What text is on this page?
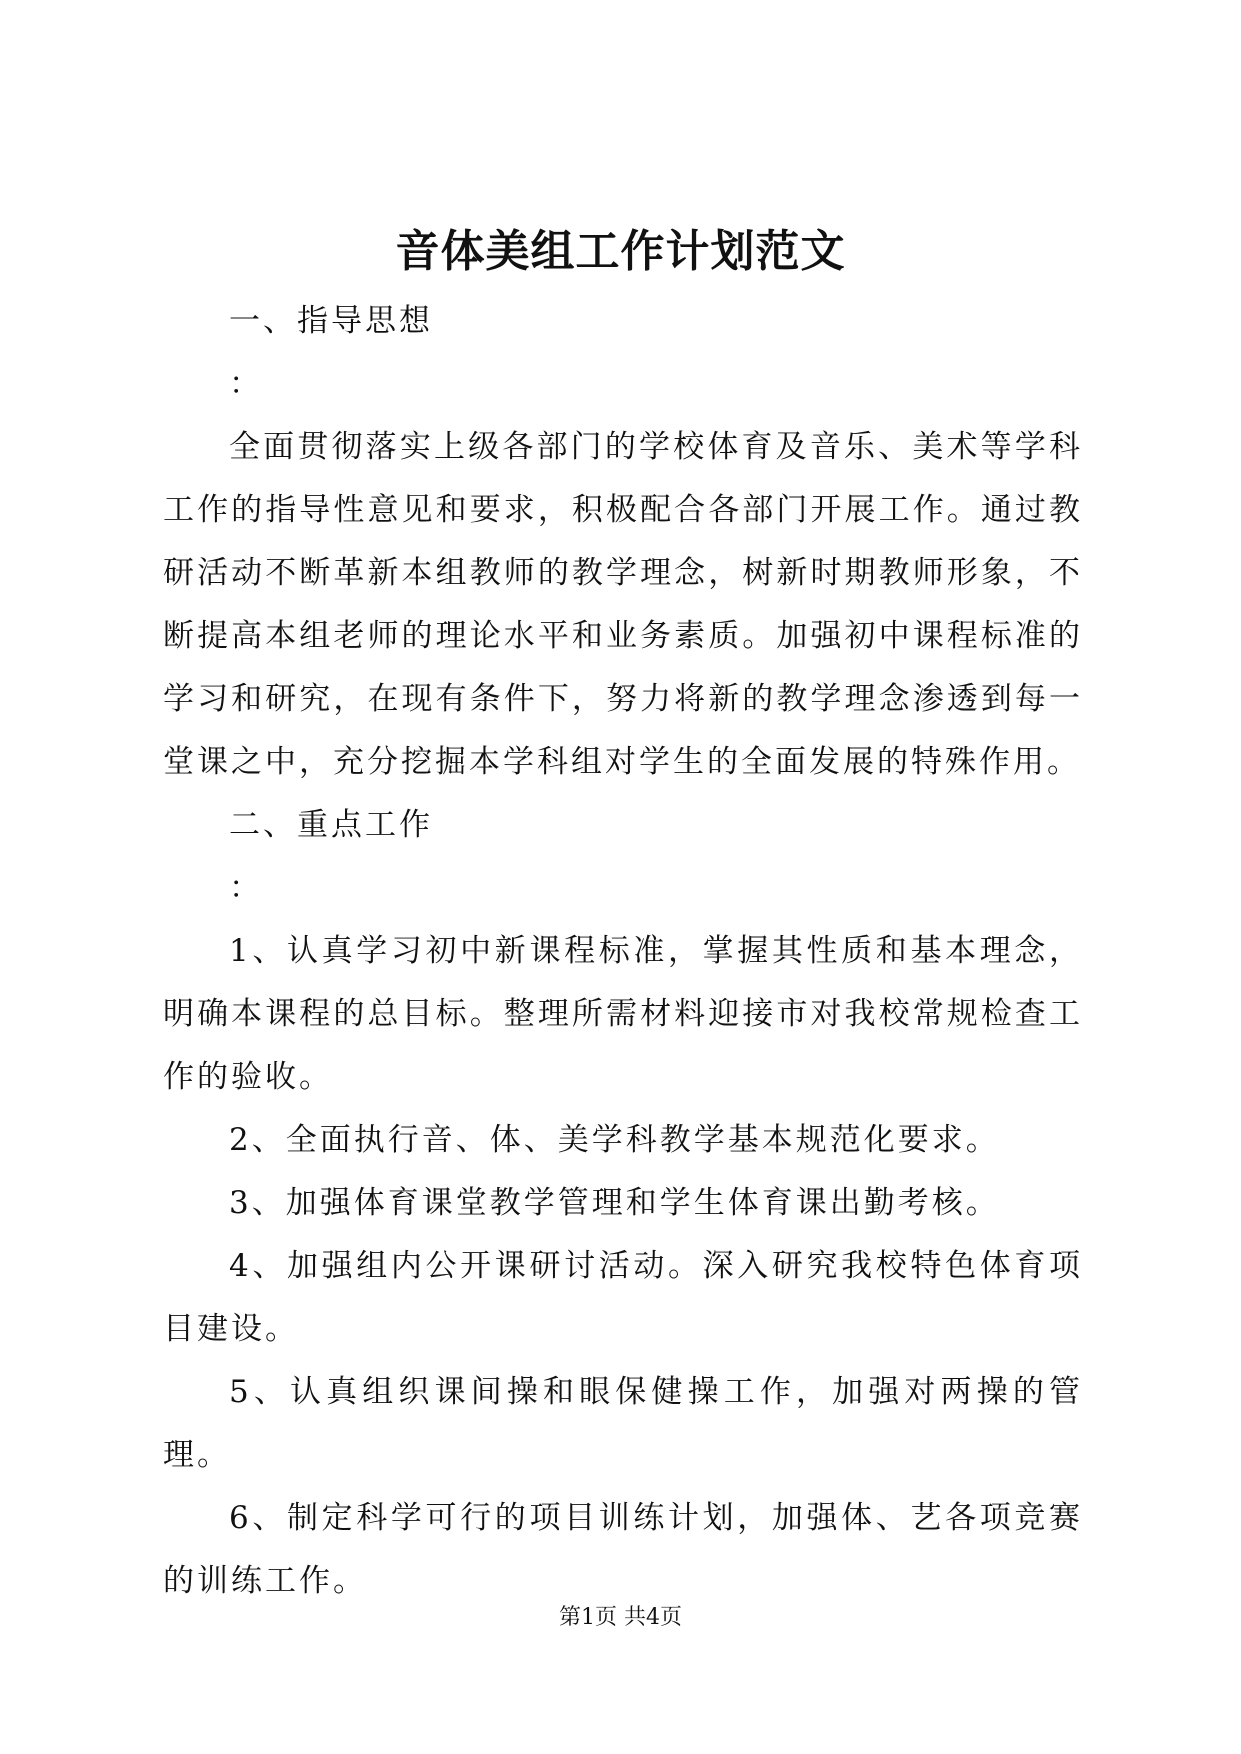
音体美组工作计划范文

一、指导思想

：

全面贯彻落实上级各部门的学校体育及音乐、美术等学科工作的指导性意见和要求，积极配合各部门开展工作。通过教研活动不断革新本组教师的教学理念，树新时期教师形象，不断提高本组老师的理论水平和业务素质。加强初中课程标准的学习和研究，在现有条件下，努力将新的教学理念渗透到每一堂课之中，充分挖掘本学科组对学生的全面发展的特殊作用。

二、重点工作

：

1、认真学习初中新课程标准，掌握其性质和基本理念，明确本课程的总目标。整理所需材料迎接市对我校常规检查工作的验收。

2、全面执行音、体、美学科教学基本规范化要求。

3、加强体育课堂教学管理和学生体育课出勤考核。

4、加强组内公开课研讨活动。深入研究我校特色体育项目建设。

5、认真组织课间操和眼保健操工作，加强对两操的管理。

6、制定科学可行的项目训练计划，加强体、艺各项竞赛的训练工作。

第1页 共4页
